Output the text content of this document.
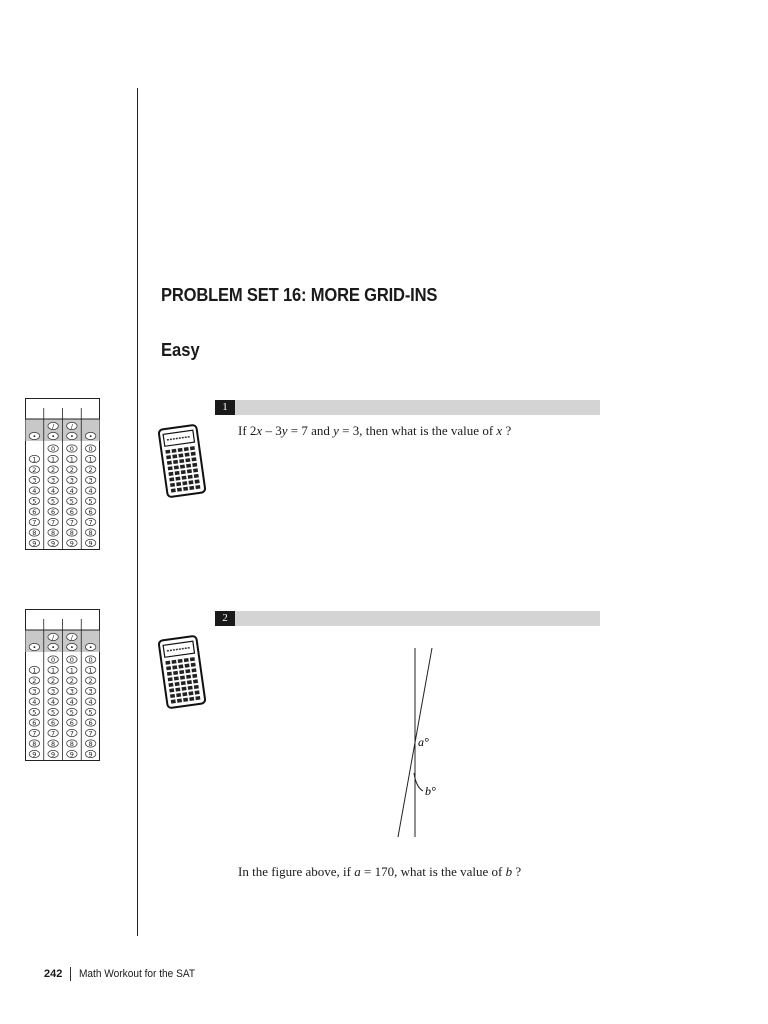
PROBLEM SET 16: MORE GRID-INS
Easy
/	/
• • • •
0 0 0
1 1 1 1
2 2 2 2
3 3 3 3
4 4 4 4
5 5 5 5
6 6 6 6
7 7 7 7
8 8 8 8
9 9 9 9
/	/
• • • •
0 0 0
1 1 1 1
2 2 2 2
3 3 3 3
4 4 4 4
5 5 5 5
6 6 6 6
7 7 7 7
8 8 8 8
9 9 9 9
1
If 2x – 3y = 7 and y = 3, then what is the value of x ?
2
a°
b°
In the figure above, if a = 170, what is the value of b ?
242 Math Workout for the SAT
